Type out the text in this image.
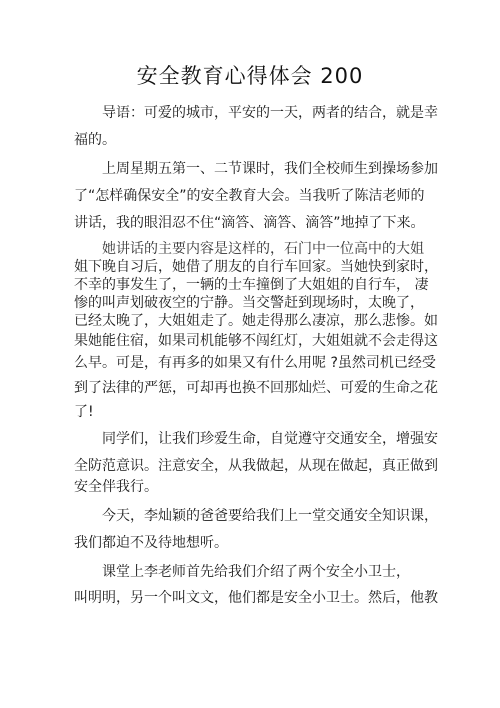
安全教育心得体会 200
导语：可爱的城市，平安的一天，两者的结合，就是幸
福的。
上周星期五第一、二节课时，我们全校师生到操场参加
了“怎样确保安全”的安全教育大会。当我听了陈洁老师的
讲话，我的眼泪忍不住“滴答、滴答、滴答”地掉了下来。
她讲话的主要内容是这样的，石门中一位高中的大姐
姐下晚自习后，她借了朋友的自行车回家。当她快到家时，
不幸的事发生了，一辆的士车撞倒了大姐姐的自行车， 凄
惨的叫声划破夜空的宁静。当交警赶到现场时，太晚了，
已经太晚了，大姐姐走了。她走得那么凄凉，那么悲惨。如
果她能住宿，如果司机能够不闯红灯，大姐姐就不会走得这
么早。可是，有再多的如果又有什么用呢 ?虽然司机已经受
到了法律的严惩，可却再也换不回那灿烂、可爱的生命之花
了!
同学们，让我们珍爱生命，自觉遵守交通安全，增强安
全防范意识。注意安全，从我做起，从现在做起，真正做到
安全伴我行。
今天，李灿颖的爸爸要给我们上一堂交通安全知识课，
我们都迫不及待地想听。
课堂上李老师首先给我们介绍了两个安全小卫士，
叫明明，另一个叫文文，他们都是安全小卫士。然后，他教
